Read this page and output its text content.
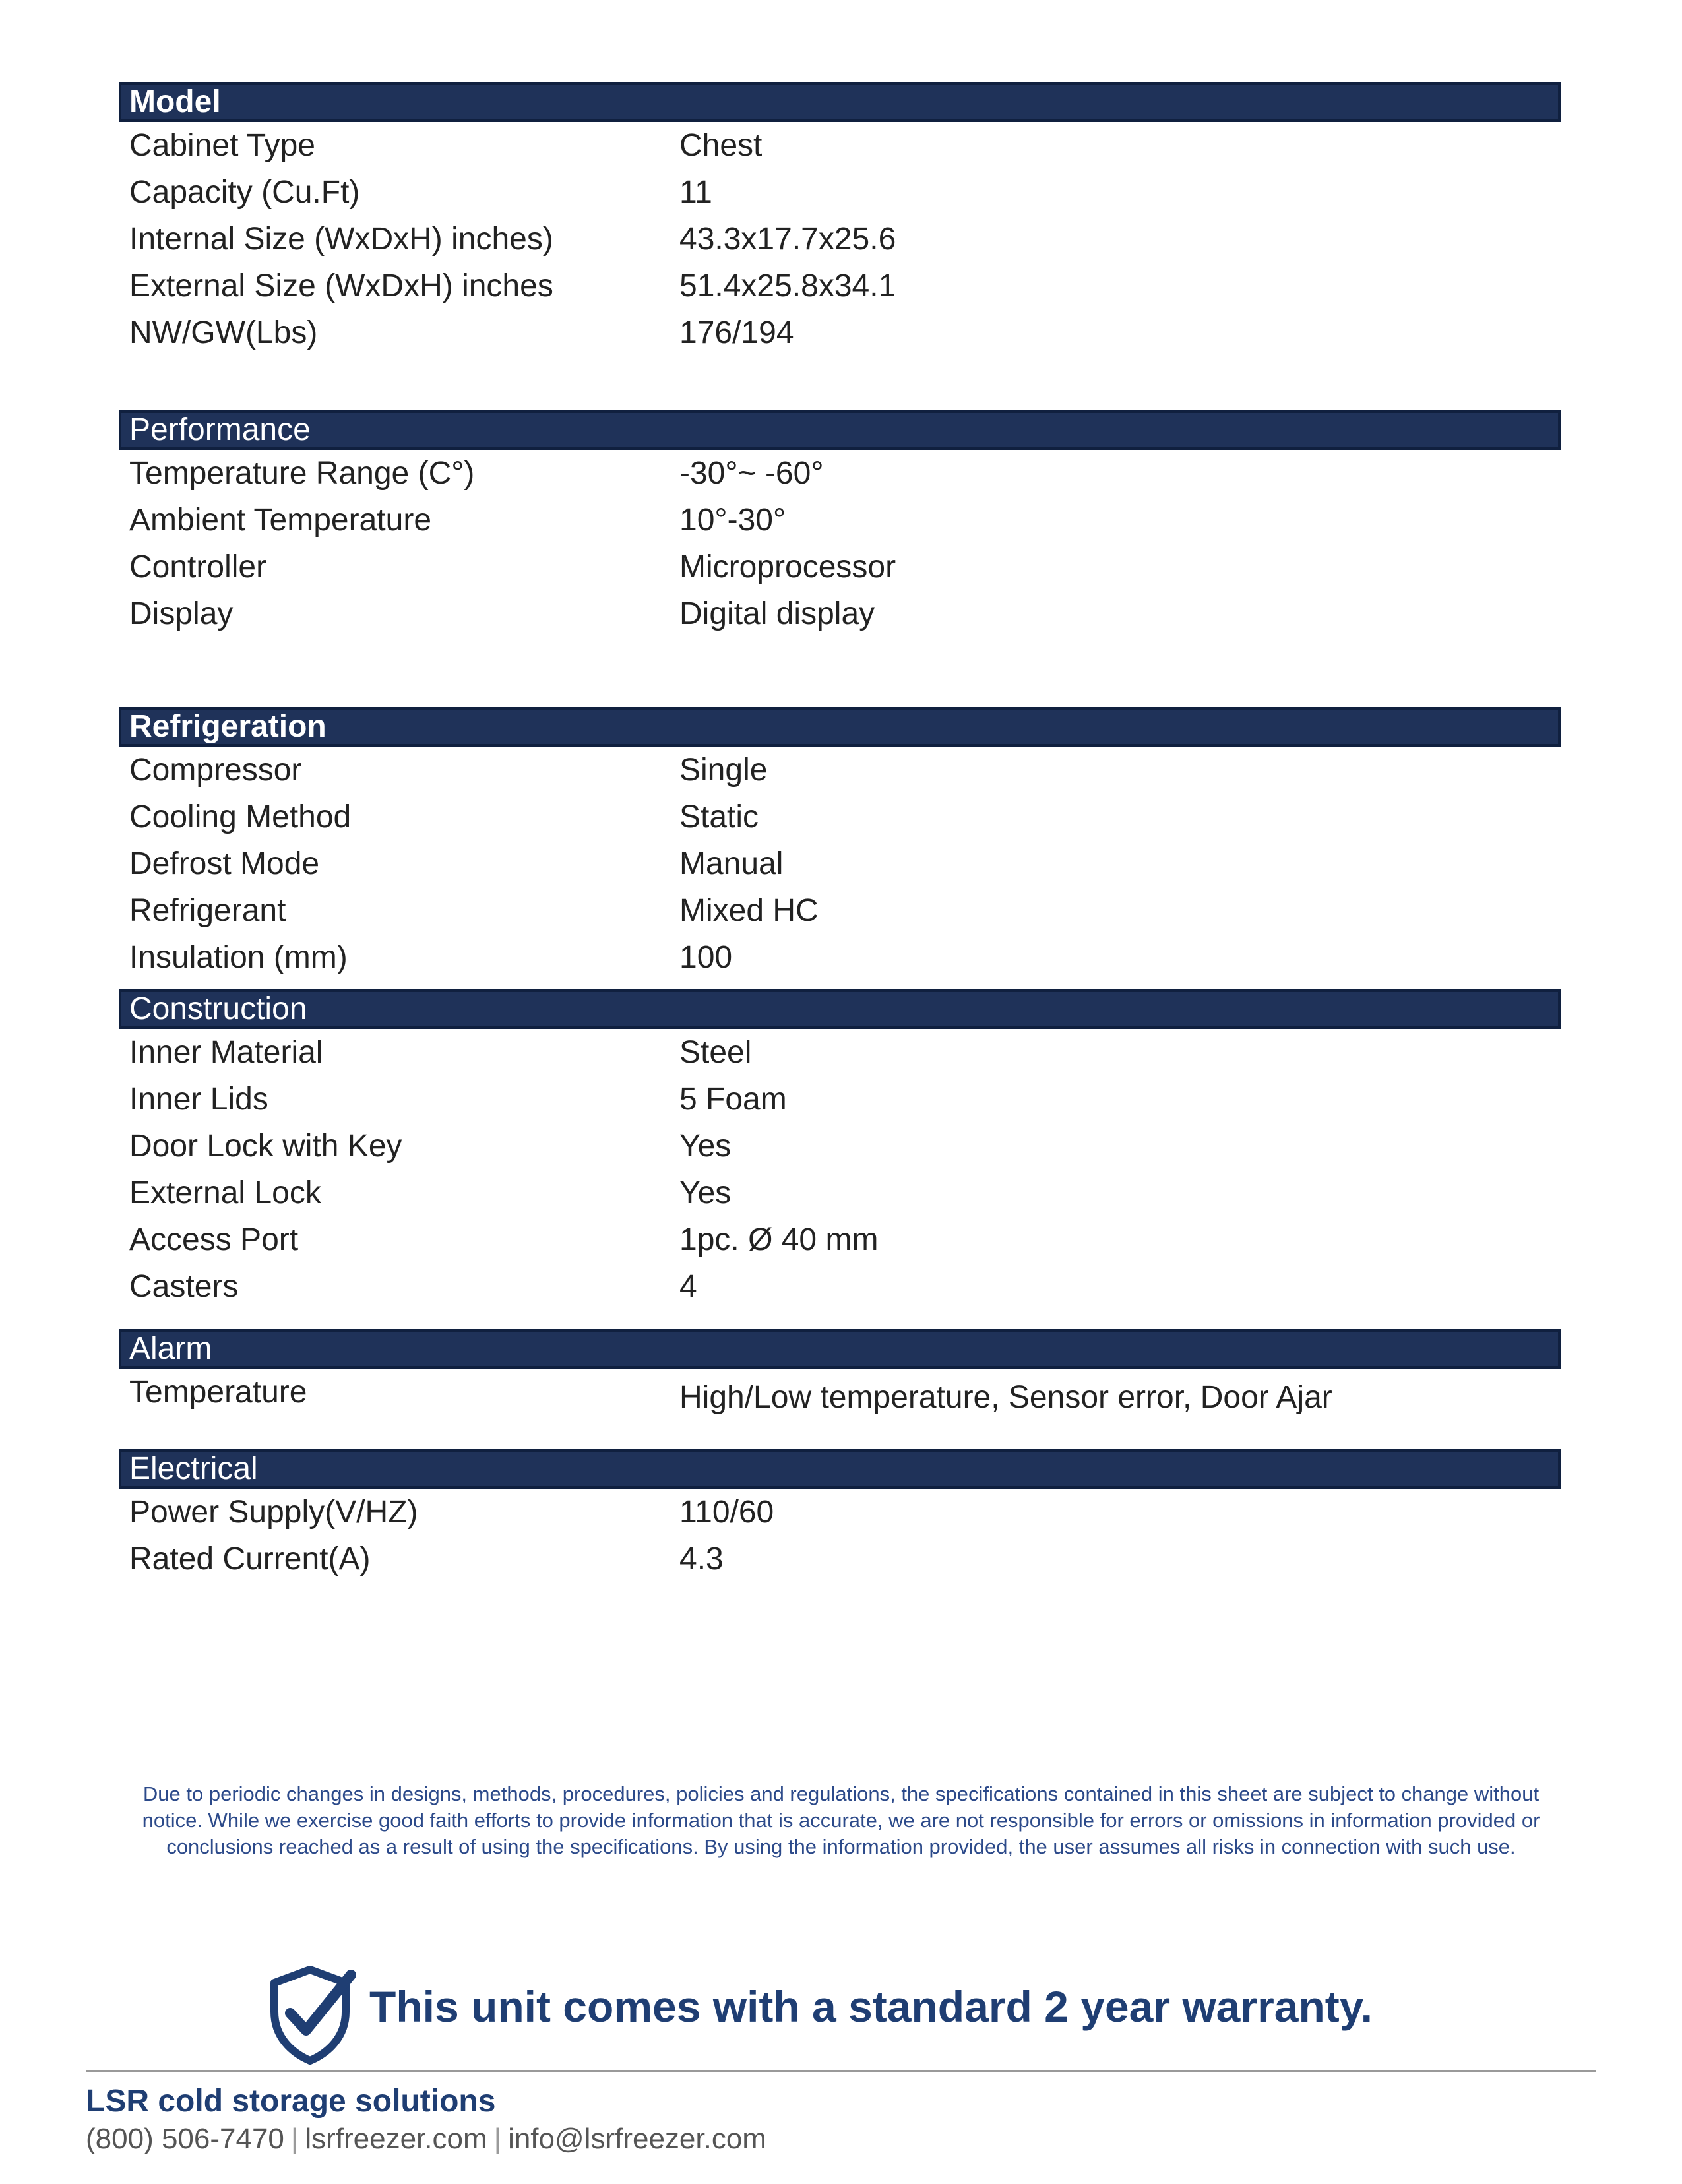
Model
Cabinet Type	Chest
Capacity (Cu.Ft)	11
Internal Size (WxDxH) inches)	43.3x17.7x25.6
External Size (WxDxH) inches	51.4x25.8x34.1
NW/GW(Lbs)	176/194
Performance
Temperature Range (C°)	-30°~ -60°
Ambient Temperature	10°-30°
Controller	Microprocessor
Display	Digital display
Refrigeration
Compressor	Single
Cooling Method	Static
Defrost Mode	Manual
Refrigerant	Mixed HC
Insulation (mm)	100
Construction
Inner Material	Steel
Inner Lids	5 Foam
Door Lock with Key	Yes
External Lock	Yes
Access Port	1pc. Ø 40 mm
Casters	4
Alarm
Temperature	High/Low temperature, Sensor error, Door Ajar
Electrical
Power Supply(V/HZ)	110/60
Rated Current(A)	4.3
Due to periodic changes in designs, methods, procedures, policies and regulations, the specifications contained in this sheet are subject to change without notice. While we exercise good faith efforts to provide information that is accurate, we are not responsible for errors or omissions in information provided or conclusions reached as a result of using the specifications. By using the information provided, the user assumes all risks in connection with such use.
This unit comes with a standard 2 year warranty.
LSR cold storage solutions
(800) 506-7470 | lsrfreezer.com | info@lsrfreezer.com
